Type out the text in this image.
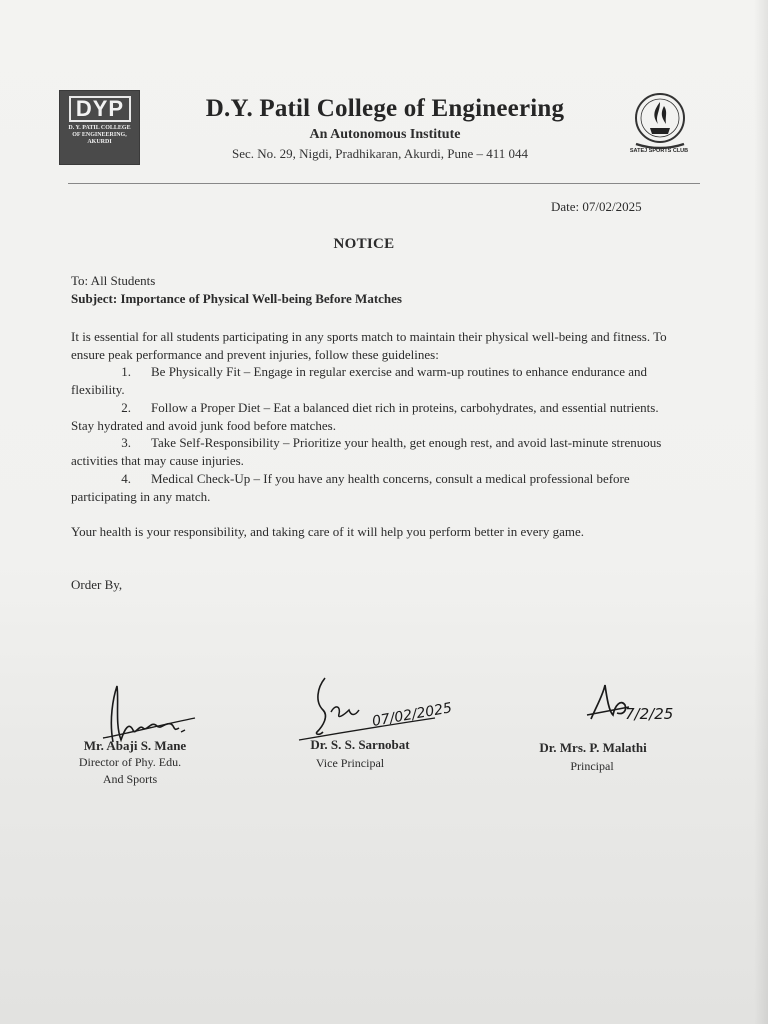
DYP
D. Y. PATIL COLLEGE OF ENGINEERING, AKURDI
D.Y. Patil College of Engineering
An Autonomous Institute
Sec. No. 29, Nigdi, Pradhikaran, Akurdi, Pune – 411 044	SATEJ SPORTS CLUB
Date: 07/02/2025
NOTICE
To: All Students
Subject: Importance of Physical Well-being Before Matches
It is essential for all students participating in any sports match to maintain their physical well-being and fitness. To ensure peak performance and prevent injuries, follow these guidelines:
1. Be Physically Fit – Engage in regular exercise and warm-up routines to enhance endurance and flexibility.
2. Follow a Proper Diet – Eat a balanced diet rich in proteins, carbohydrates, and essential nutrients. Stay hydrated and avoid junk food before matches.
3. Take Self-Responsibility – Prioritize your health, get enough rest, and avoid last-minute strenuous activities that may cause injuries.
4. Medical Check-Up – If you have any health concerns, consult a medical professional before participating in any match.
Your health is your responsibility, and taking care of it will help you perform better in every game.
Order By,
07/02/2025	7/2/25
Mr. Abaji S. Mane
Director of Phy. Edu.
And Sports
Dr. S. S. Sarnobat
Vice Principal
Dr. Mrs. P. Malathi
Principal
